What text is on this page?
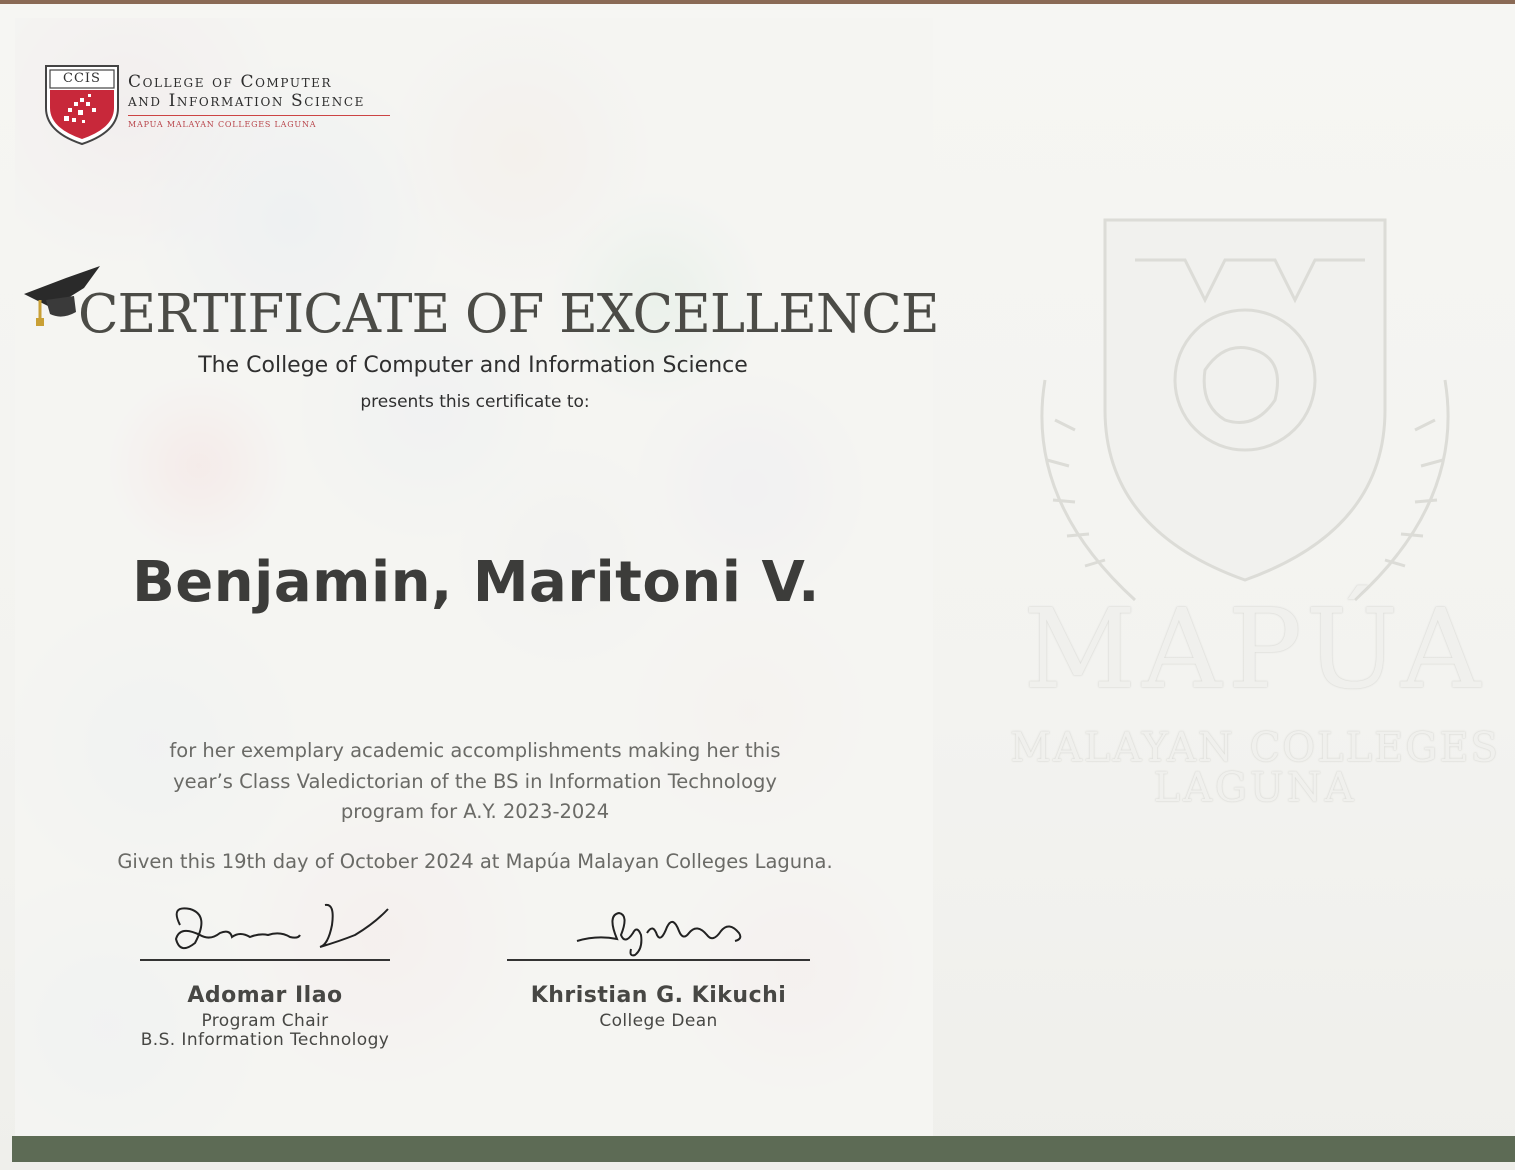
MAPÚA
MALAYAN COLLEGES
LAGUNA
CCIS	College of Computer
and Information Science
MAPUA MALAYAN COLLEGES LAGUNA
CERTIFICATE OF EXCELLENCE
The College of Computer and Information Science
presents this certificate to:
Benjamin, Maritoni V.
for her exemplary academic accomplishments making her this
year’s Class Valedictorian of the BS in Information Technology
program for A.Y. 2023-2024
Given this 19th day of October 2024 at Mapúa Malayan Colleges Laguna.
Adomar Ilao
Program Chair
B.S. Information Technology
Khristian G. Kikuchi
College Dean
